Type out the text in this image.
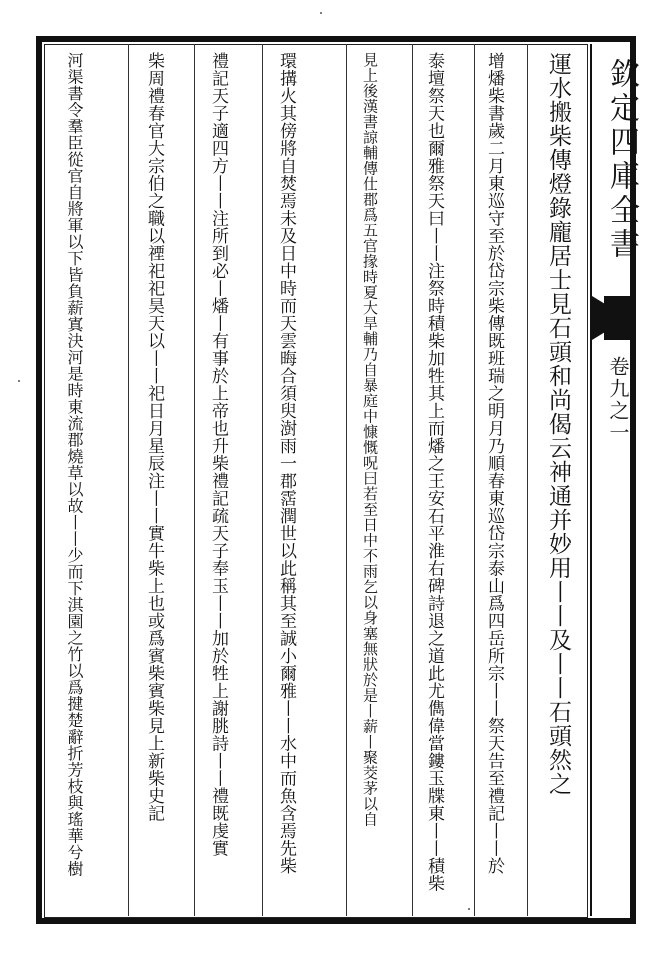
欽定四庫全書
卷九之一
運水搬柴傳燈錄龐居士見石頭和尚偈云神通并妙用丨丨及丨丨石頭然之
增燔柴書歲二月東巡守至於岱宗柴傳既班瑞之明月乃順春東巡岱宗泰山爲四岳所宗丨丨祭天告至禮記丨丨於
泰壇祭天也爾雅祭天曰丨丨注祭時積柴加牲其上而燔之王安石平淮右碑詩退之道此尤儁偉當鏤玉牒東丨丨積柴
見上後漢書諒輔傳仕郡爲五官掾時夏大旱輔乃自暴庭中慷慨呪曰若至日中不雨乞以身塞無狀於是丨薪丨聚茭茅以自
環搆火其傍將自焚焉未及日中時而天雲晦合須臾澍雨一郡霑潤世以此稱其至誠小爾雅丨丨水中而魚含焉先柴
禮記天子適四方丨丨注所到必丨燔丨有事於上帝也升柴禮記疏天子奉玉丨丨加於牲上謝朓詩丨丨禮既虔實
柴周禮春官大宗伯之職以禋祀祀昊天以丨丨祀日月星辰注丨丨實牛柴上也或爲賓柴賓柴見上新柴史記
河渠書令羣臣從官自將軍以下皆負薪寘決河是時東流郡燒草以故丨丨少而下淇園之竹以爲揵楚辭折芳枝與瑤華兮樹
